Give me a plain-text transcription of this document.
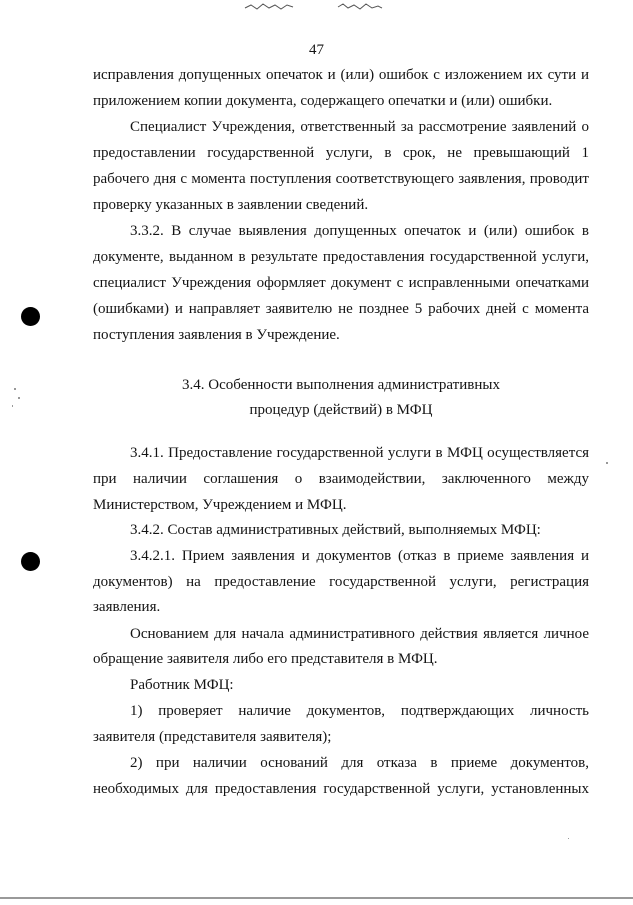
47

исправления допущенных опечаток и (или) ошибок с изложением их сути и

приложением копии документа, содержащего опечатки и (или) ошибки.

Специалист Учреждения, ответственный за рассмотрение заявлений о

предоставлении государственной услуги, в срок, не превышающий 1

рабочего дня с момента поступления соответствующего заявления, проводит

проверку указанных в заявлении сведений.

3.3.2. В случае выявления допущенных опечаток и (или) ошибок в

документе, выданном в результате предоставления государственной услуги,

специалист Учреждения оформляет документ с исправленными опечатками

(ошибками) и направляет заявителю не позднее 5 рабочих дней с момента

поступления заявления в Учреждение.

3.4. Особенности выполнения административных
процедур (действий) в МФЦ

3.4.1. Предоставление государственной услуги в МФЦ осуществляется

при наличии соглашения о взаимодействии, заключенного между

Министерством, Учреждением и МФЦ.

3.4.2. Состав административных действий, выполняемых МФЦ:

3.4.2.1. Прием заявления и документов (отказ в приеме заявления и

документов) на предоставление государственной услуги, регистрация

заявления.

Основанием для начала административного действия является личное

обращение заявителя либо его представителя в МФЦ.

Работник МФЦ:

1) проверяет наличие документов, подтверждающих личность

заявителя (представителя заявителя);

2) при наличии оснований для отказа в приеме документов,

необходимых для предоставления государственной услуги, установленных
